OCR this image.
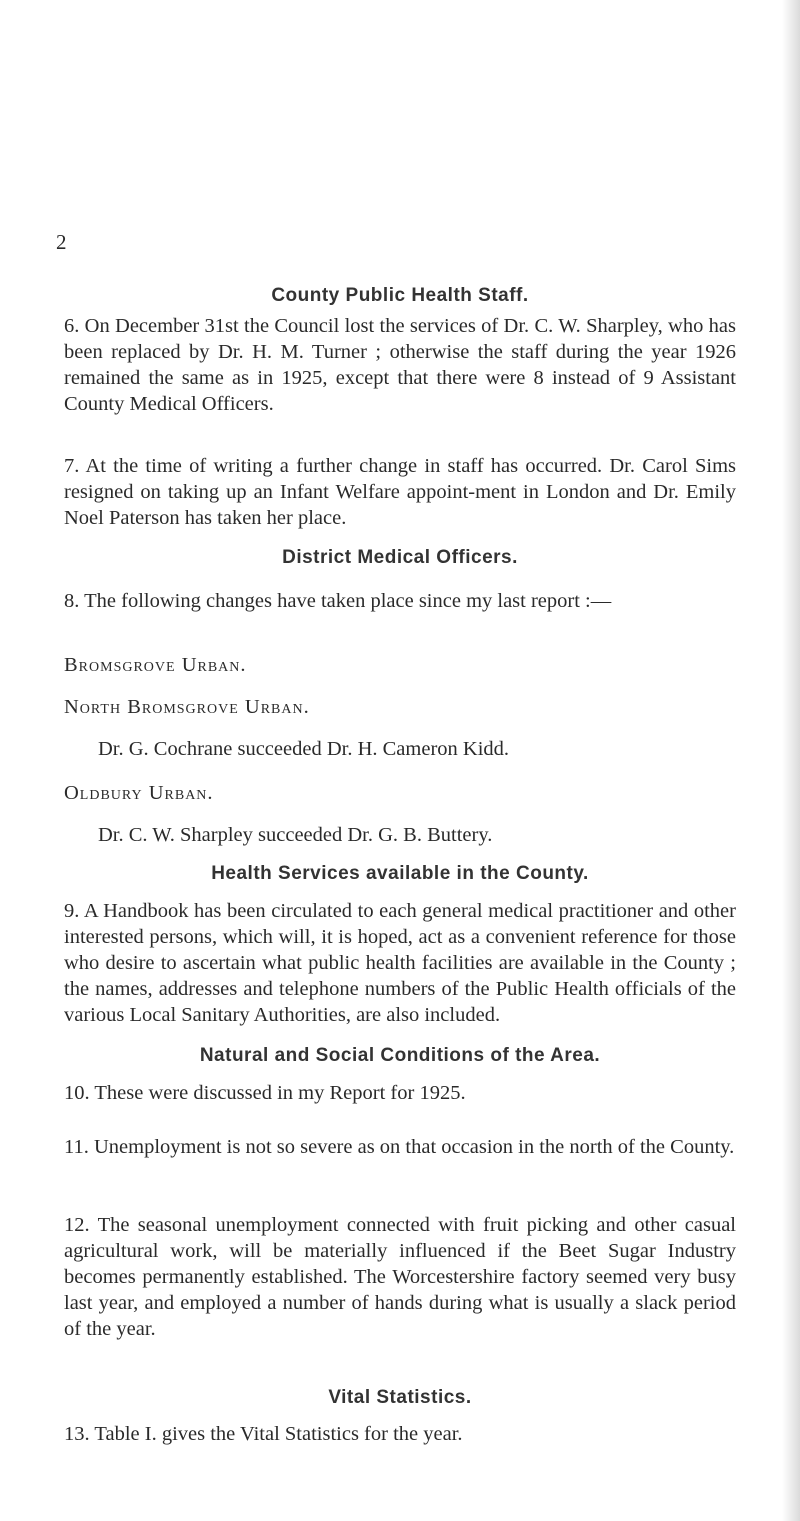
2
County Public Health Staff.

6. On December 31st the Council lost the services of Dr. C. W. Sharpley, who has been replaced by Dr. H. M. Turner ; otherwise the staff during the year 1926 remained the same as in 1925, except that there were 8 instead of 9 Assistant County Medical Officers.

7. At the time of writing a further change in staff has occurred. Dr. Carol Sims resigned on taking up an Infant Welfare appoint-ment in London and Dr. Emily Noel Paterson has taken her place.

District Medical Officers.

8. The following changes have taken place since my last report :—

Bromsgrove Urban.
North Bromsgrove Urban.
Dr. G. Cochrane succeeded Dr. H. Cameron Kidd.
Oldbury Urban.
Dr. C. W. Sharpley succeeded Dr. G. B. Buttery.
Health Services available in the County.

9. A Handbook has been circulated to each general medical practitioner and other interested persons, which will, it is hoped, act as a convenient reference for those who desire to ascertain what public health facilities are available in the County ; the names, addresses and telephone numbers of the Public Health officials of the various Local Sanitary Authorities, are also included.

Natural and Social Conditions of the Area.

10. These were discussed in my Report for 1925.

11. Unemployment is not so severe as on that occasion in the north of the County.

12. The seasonal unemployment connected with fruit picking and other casual agricultural work, will be materially influenced if the Beet Sugar Industry becomes permanently established. The Worcestershire factory seemed very busy last year, and employed a number of hands during what is usually a slack period of the year.

Vital Statistics.

13. Table I. gives the Vital Statistics for the year.
